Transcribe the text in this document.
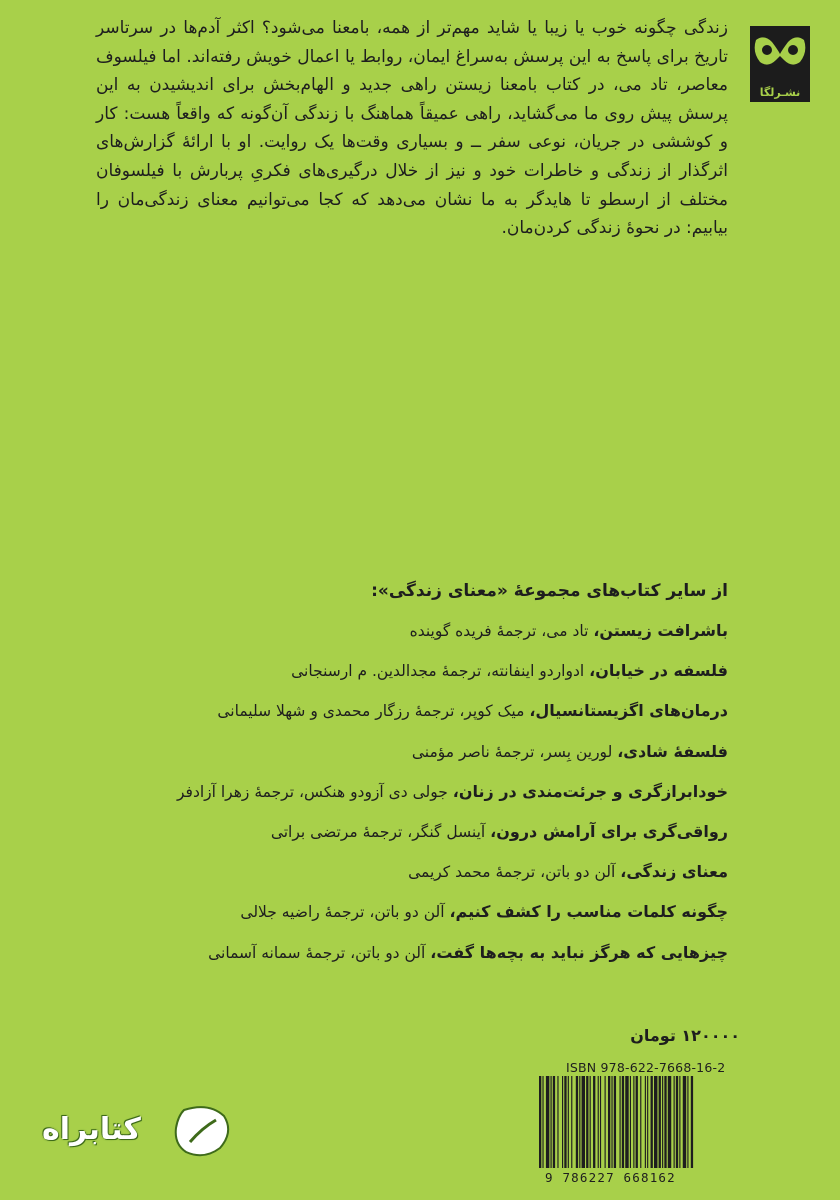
زندگی چگونه خوب یا زیبا یا شاید مهم‌تر از همه، بامعنا می‌شود؟ اکثر آدم‌ها در سرتاسر تاریخ برای پاسخ به این پرسش به‌سراغ ایمان، روابط یا اعمال خویش رفته‌اند. اما فیلسوف معاصر، تاد می، در کتاب بامعنا زیستن راهی جدید و الهام‌بخش برای اندیشیدن به این پرسش پیش روی ما می‌گشاید، راهی عمیقاً هماهنگ با زندگی آن‌گونه که واقعاً هست: کار و کوششی در جریان، نوعی سفر ــ و بسیاری وقت‌ها یک روایت. او با ارائهٔ گزارش‌های اثرگذار از زندگی و خاطرات خود و نیز از خلال درگیری‌های فکریِ پربارش با فیلسوفان مختلف از ارسطو تا هایدگر به ما نشان می‌دهد که کجا می‌توانیم معنای زندگی‌مان را بیابیم: در نحوهٔ زندگی کردن‌مان.

نشـرلگا
از سایر کتاب‌های مجموعهٔ «معنای زندگی»:
باشرافت زیستن، تاد می، ترجمهٔ فریده گوینده
فلسفه در خیابان، ادواردو اینفانته، ترجمهٔ مجدالدین. م ارسنجانی
درمان‌های اگزیستانسیال، میک کوپر، ترجمهٔ رزگار محمدی و شهلا سلیمانی
فلسفهٔ شادی، لورین بِسر، ترجمهٔ ناصر مؤمنی
خودابرازگری و جرئت‌مندی در زنان، جولی دی آزودو هنکس، ترجمهٔ زهرا آزادفر
رواقی‌گری برای آرامش درون، آینسل گنگر، ترجمهٔ مرتضی براتی
معنای زندگی، آلن دو باتن، ترجمهٔ محمد کریمی
چگونه کلمات مناسب را کشف کنیم، آلن دو باتن، ترجمهٔ راضیه جلالی
چیزهایی که هرگز نباید به بچه‌ها گفت، آلن دو باتن، ترجمهٔ سمانه آسمانی
۱۲۰۰۰۰ تومان
ISBN 978-622-7668-16-2
9 786227 668162
کتابراه
